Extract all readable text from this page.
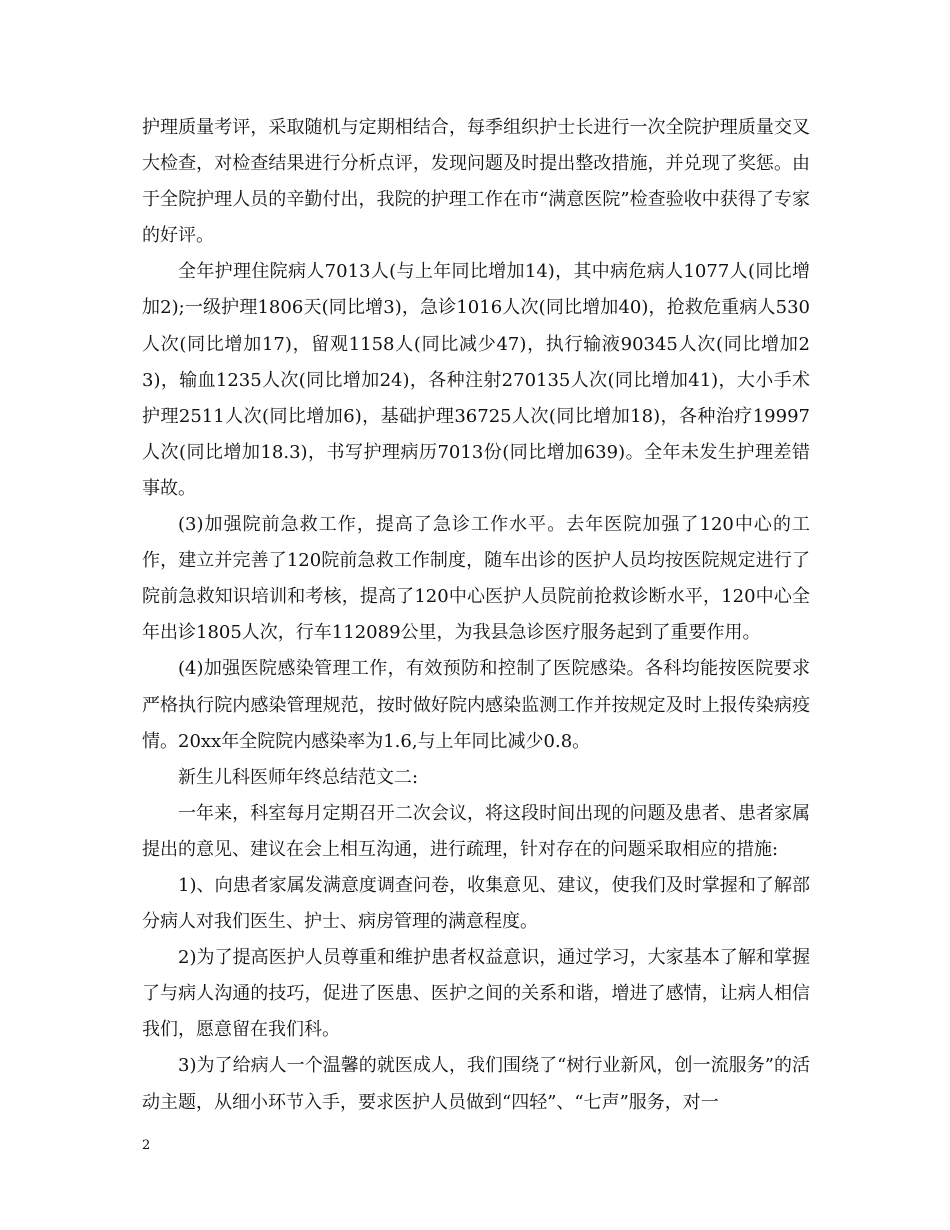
护理质量考评，采取随机与定期相结合，每季组织护士长进行一次全院护理质量交叉大检查，对检查结果进行分析点评，发现问题及时提出整改措施，并兑现了奖惩。由于全院护理人员的辛勤付出，我院的护理工作在市“满意医院”检查验收中获得了专家的好评。

全年护理住院病人7013人(与上年同比增加14)，其中病危病人1077人(同比增加2);一级护理1806天(同比增3)，急诊1016人次(同比增加40)，抢救危重病人530人次(同比增加17)，留观1158人(同比减少47)，执行输液90345人次(同比增加23)，输血1235人次(同比增加24)，各种注射270135人次(同比增加41)，大小手术护理2511人次(同比增加6)，基础护理36725人次(同比增加18)，各种治疗19997人次(同比增加18.3)，书写护理病历7013份(同比增加639)。全年未发生护理差错事故。

(3)加强院前急救工作，提高了急诊工作水平。去年医院加强了120中心的工作，建立并完善了120院前急救工作制度，随车出诊的医护人员均按医院规定进行了院前急救知识培训和考核，提高了120中心医护人员院前抢救诊断水平，120中心全年出诊1805人次，行车112089公里，为我县急诊医疗服务起到了重要作用。

(4)加强医院感染管理工作，有效预防和控制了医院感染。各科均能按医院要求严格执行院内感染管理规范，按时做好院内感染监测工作并按规定及时上报传染病疫情。20xx年全院院内感染率为1.6,与上年同比减少0.8。

新生儿科医师年终总结范文二:

一年来，科室每月定期召开二次会议，将这段时间出现的问题及患者、患者家属提出的意见、建议在会上相互沟通，进行疏理，针对存在的问题采取相应的措施:

1)、向患者家属发满意度调查问卷，收集意见、建议，使我们及时掌握和了解部分病人对我们医生、护士、病房管理的满意程度。

2)为了提高医护人员尊重和维护患者权益意识，通过学习，大家基本了解和掌握了与病人沟通的技巧，促进了医患、医护之间的关系和谐，增进了感情，让病人相信我们，愿意留在我们科。

3)为了给病人一个温馨的就医成人，我们围绕了“树行业新风，创一流服务”的活动主题，从细小环节入手，要求医护人员做到“四轻”、“七声”服务，对一

2
